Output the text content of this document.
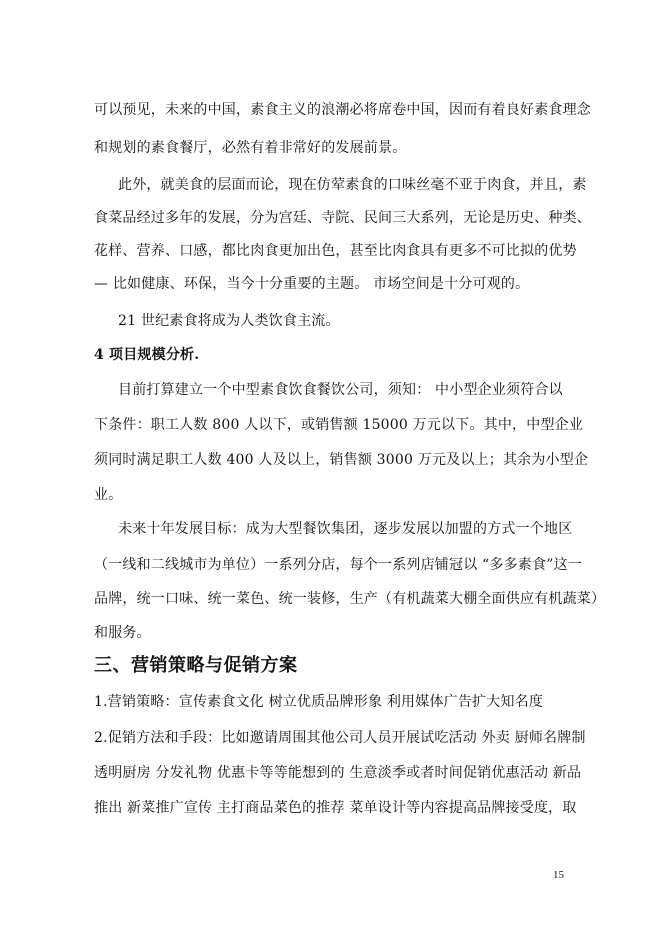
可以预见，未来的中国，素食主义的浪潮必将席卷中国，因而有着良好素食理念
和规划的素食餐厅，必然有着非常好的发展前景。
此外，就美食的层面而论，现在仿荤素食的口味丝毫不亚于肉食，并且，素
食菜品经过多年的发展，分为宫廷、寺院、民间三大系列，无论是历史、种类、
花样、营养、口感，都比肉食更加出色，甚至比肉食具有更多不可比拟的优势
— 比如健康、环保，当今十分重要的主题。 市场空间是十分可观的。
21 世纪素食将成为人类饮食主流。
4 项目规模分析.
目前打算建立一个中型素食饮食餐饮公司，须知： 中小型企业须符合以
下条件：职工人数 800 人以下，或销售额 15000 万元以下。其中，中型企业
须同时满足职工人数 400 人及以上，销售额 3000 万元及以上；其余为小型企
业。
未来十年发展目标：成为大型餐饮集团，逐步发展以加盟的方式一个地区
（一线和二线城市为单位）一系列分店，每个一系列店铺冠以 “多多素食”这一
品牌，统一口味、统一菜色、统一装修，生产（有机蔬菜大棚全面供应有机蔬菜）
和服务。
三、营销策略与促销方案
1.营销策略：宣传素食文化 树立优质品牌形象 利用媒体广告扩大知名度
2.促销方法和手段：比如邀请周围其他公司人员开展试吃活动 外卖 厨师名牌制
透明厨房 分发礼物 优惠卡等等能想到的 生意淡季或者时间促销优惠活动 新品
推出 新菜推广宣传 主打商品菜色的推荐 菜单设计等内容提高品牌接受度，取
15
